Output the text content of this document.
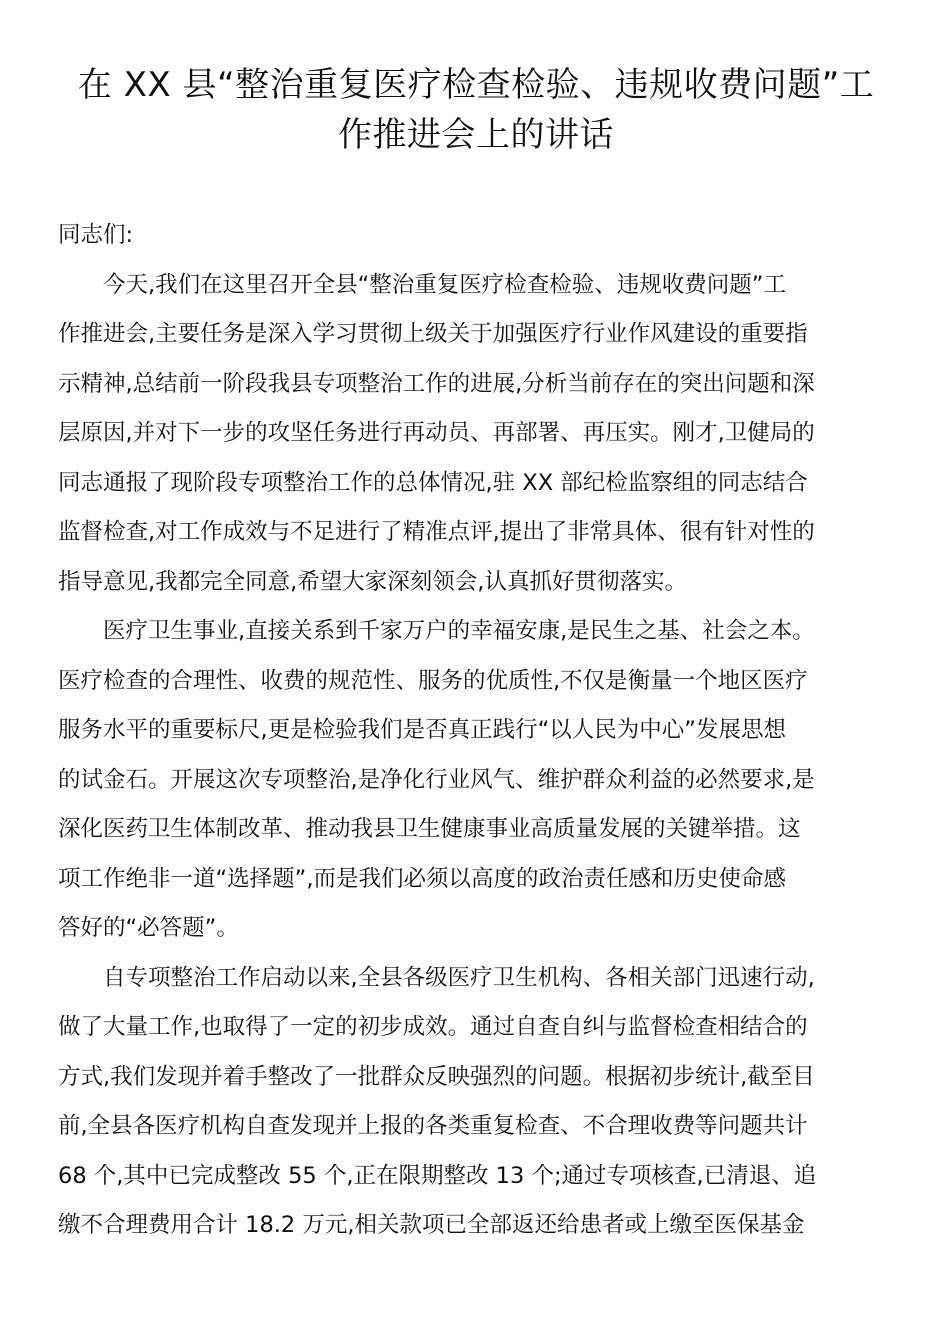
在 XX 县“整治重复医疗检查检验、违规收费问题”工
作推进会上的讲话
同志们:
今天,我们在这里召开全县“整治重复医疗检查检验、违规收费问题”工
作推进会,主要任务是深入学习贯彻上级关于加强医疗行业作风建设的重要指
示精神,总结前一阶段我县专项整治工作的进展,分析当前存在的突出问题和深
层原因,并对下一步的攻坚任务进行再动员、再部署、再压实。刚才,卫健局的
同志通报了现阶段专项整治工作的总体情况,驻 XX 部纪检监察组的同志结合
监督检查,对工作成效与不足进行了精准点评,提出了非常具体、很有针对性的
指导意见,我都完全同意,希望大家深刻领会,认真抓好贯彻落实。
医疗卫生事业,直接关系到千家万户的幸福安康,是民生之基、社会之本。
医疗检查的合理性、收费的规范性、服务的优质性,不仅是衡量一个地区医疗
服务水平的重要标尺,更是检验我们是否真正践行“以人民为中心”发展思想
的试金石。开展这次专项整治,是净化行业风气、维护群众利益的必然要求,是
深化医药卫生体制改革、推动我县卫生健康事业高质量发展的关键举措。这
项工作绝非一道“选择题”,而是我们必须以高度的政治责任感和历史使命感
答好的“必答题”。
自专项整治工作启动以来,全县各级医疗卫生机构、各相关部门迅速行动,
做了大量工作,也取得了一定的初步成效。通过自查自纠与监督检查相结合的
方式,我们发现并着手整改了一批群众反映强烈的问题。根据初步统计,截至目
前,全县各医疗机构自查发现并上报的各类重复检查、不合理收费等问题共计
68 个,其中已完成整改 55 个,正在限期整改 13 个;通过专项核查,已清退、追
缴不合理费用合计 18.2 万元,相关款项已全部返还给患者或上缴至医保基金
